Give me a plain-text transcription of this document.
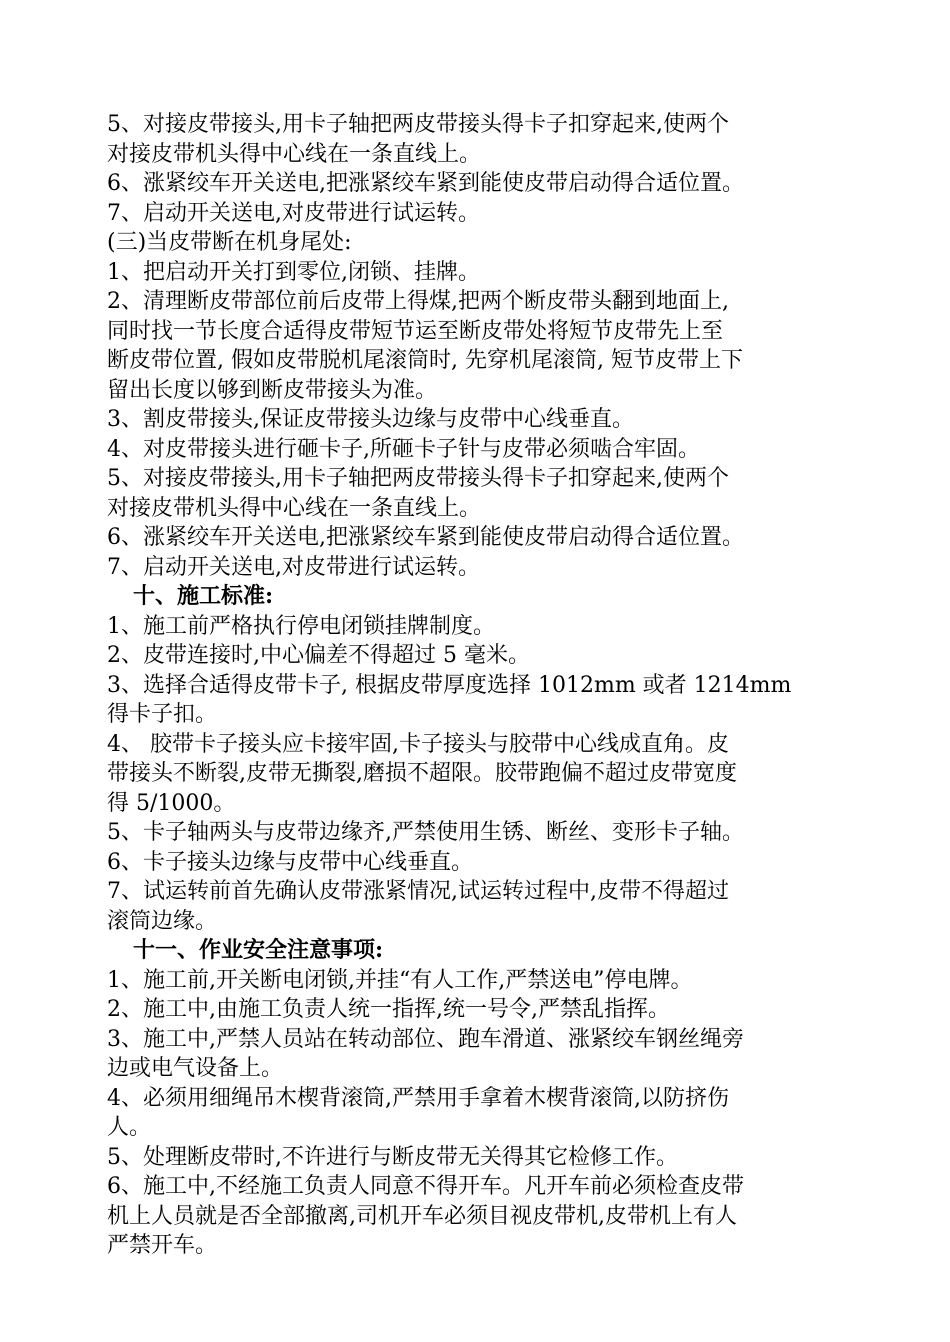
5、对接皮带接头,用卡子轴把两皮带接头得卡子扣穿起来,使两个
对接皮带机头得中心线在一条直线上。
6、涨紧绞车开关送电,把涨紧绞车紧到能使皮带启动得合适位置。
7、启动开关送电,对皮带进行试运转。
(三)当皮带断在机身尾处:
1、把启动开关打到零位,闭锁、挂牌。
2、清理断皮带部位前后皮带上得煤,把两个断皮带头翻到地面上,
同时找一节长度合适得皮带短节运至断皮带处将短节皮带先上至
断皮带位置, 假如皮带脱机尾滚筒时, 先穿机尾滚筒, 短节皮带上下
留出长度以够到断皮带接头为准。
3、割皮带接头,保证皮带接头边缘与皮带中心线垂直。
4、对皮带接头进行砸卡子,所砸卡子针与皮带必须啮合牢固。
5、对接皮带接头,用卡子轴把两皮带接头得卡子扣穿起来,使两个
对接皮带机头得中心线在一条直线上。
6、涨紧绞车开关送电,把涨紧绞车紧到能使皮带启动得合适位置。
7、启动开关送电,对皮带进行试运转。
十、施工标准:
1、施工前严格执行停电闭锁挂牌制度。
2、皮带连接时,中心偏差不得超过 5 毫米。
3、选择合适得皮带卡子, 根据皮带厚度选择 1012mm 或者 1214mm
得卡子扣。
4、 胶带卡子接头应卡接牢固,卡子接头与胶带中心线成直角。皮
带接头不断裂,皮带无撕裂,磨损不超限。胶带跑偏不超过皮带宽度
得 5/1000。
5、卡子轴两头与皮带边缘齐,严禁使用生锈、断丝、变形卡子轴。
6、卡子接头边缘与皮带中心线垂直。
7、试运转前首先确认皮带涨紧情况,试运转过程中,皮带不得超过
滚筒边缘。
十一、作业安全注意事项:
1、施工前,开关断电闭锁,并挂“有人工作,严禁送电”停电牌。
2、施工中,由施工负责人统一指挥,统一号令,严禁乱指挥。
3、施工中,严禁人员站在转动部位、跑车滑道、涨紧绞车钢丝绳旁
边或电气设备上。
4、必须用细绳吊木楔背滚筒,严禁用手拿着木楔背滚筒,以防挤伤
人。
5、处理断皮带时,不许进行与断皮带无关得其它检修工作。
6、施工中,不经施工负责人同意不得开车。凡开车前必须检查皮带
机上人员就是否全部撤离,司机开车必须目视皮带机,皮带机上有人
严禁开车。
